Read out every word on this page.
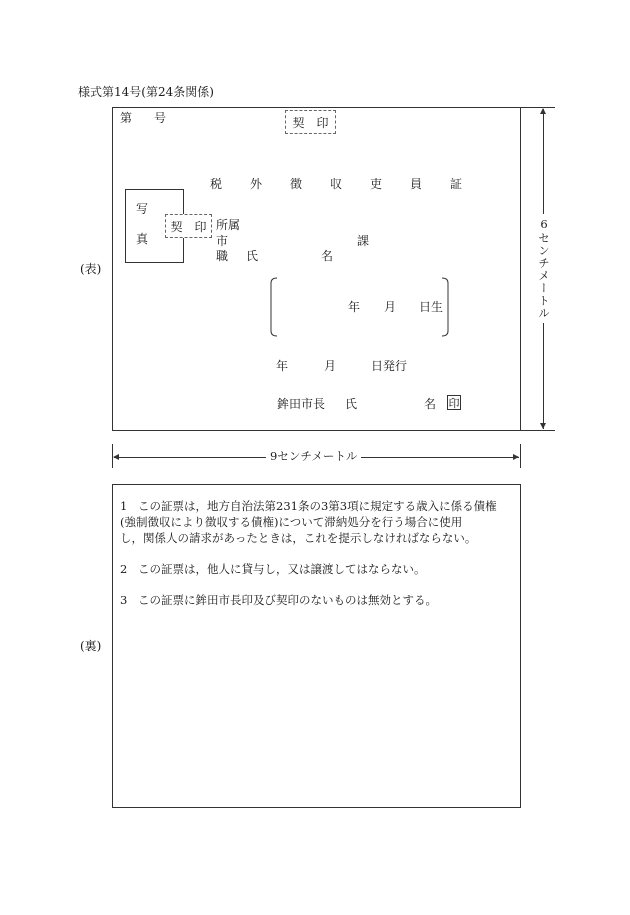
様式第14号(第24条関係)
(表)
第 号	契　印
税外徴収吏員証
写
真
契　印 所属
市	課
職 氏	名
年 月 日生
年	月	日発行
鉾田市長 氏	名 印
6センチメートル
9センチメートル
(裏)
1 この証票は，地方自治法第231条の3第3項に規定する歳入に係る債権
(強制徴収により徴収する債権)について滞納処分を行う場合に使用
し，関係人の請求があったときは，これを提示しなければならない。
2 この証票は，他人に貸与し，又は譲渡してはならない。
3 この証票に鉾田市長印及び契印のないものは無効とする。
